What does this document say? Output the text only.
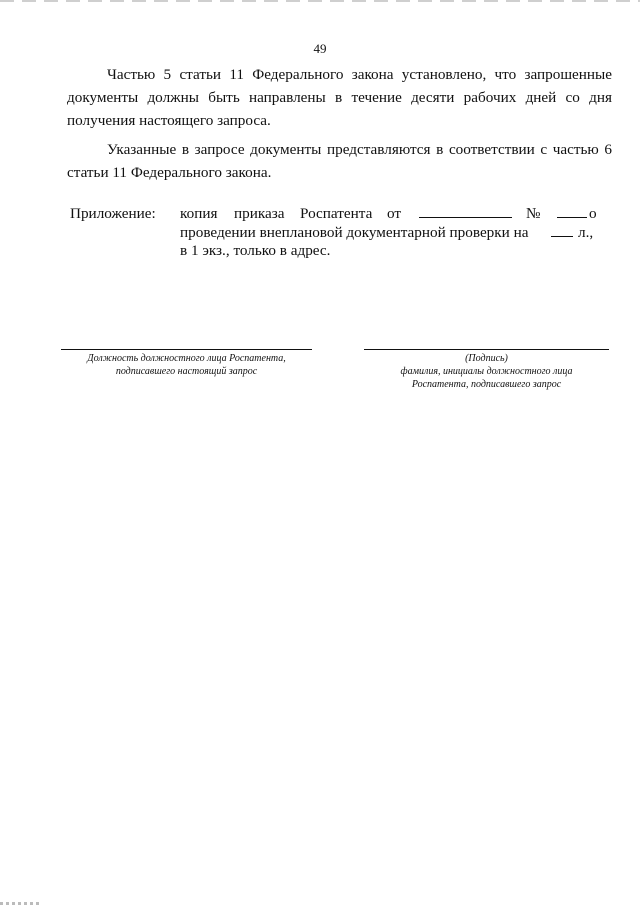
49

Частью 5 статьи 11 Федерального закона установлено, что запрошенные документы должны быть направлены в течение десяти рабочих дней со дня получения настоящего запроса.

Указанные в запросе документы представляются в соответствии с частью 6 статьи 11 Федерального закона.

Приложение: копия приказа Роспатента от	№	о
проведении внеплановой документарной проверки на	л.,
в 1 экз., только в адрес.
Должность должностного лица Роспатента,
подписавшего настоящий запрос
(Подпись)
фамилия, инициалы должностного лица
Роспатента, подписавшего запрос
